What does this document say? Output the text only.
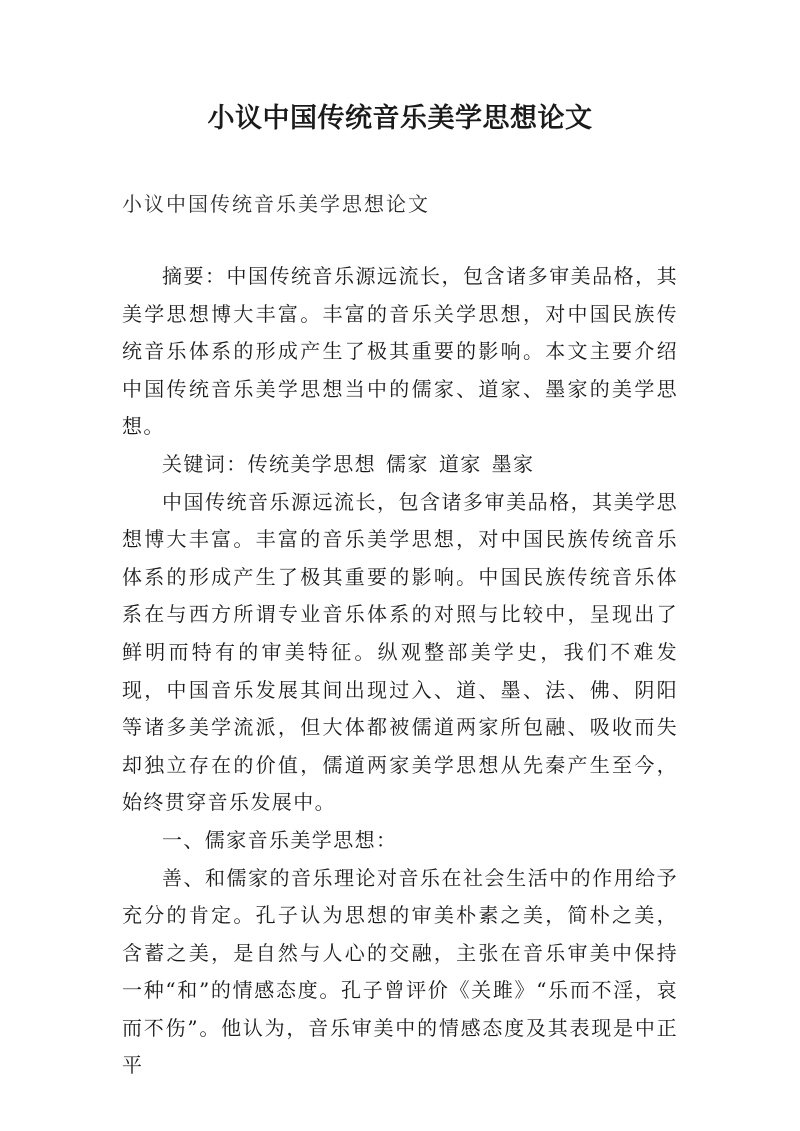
小议中国传统音乐美学思想论文
小议中国传统音乐美学思想论文

摘要：中国传统音乐源远流长，包含诸多审美品格，其美学思想博大丰富。丰富的音乐关学思想，对中国民族传统音乐体系的形成产生了极其重要的影响。本文主要介绍中国传统音乐美学思想当中的儒家、道家、墨家的美学思想。

关键词：传统美学思想 儒家 道家 墨家

中国传统音乐源远流长，包含诸多审美品格，其美学思想博大丰富。丰富的音乐美学思想，对中国民族传统音乐体系的形成产生了极其重要的影响。中国民族传统音乐体系在与西方所谓专业音乐体系的对照与比较中，呈现出了鲜明而特有的审美特征。纵观整部美学史，我们不难发现，中国音乐发展其间出现过入、道、墨、法、佛、阴阳等诸多美学流派，但大体都被儒道两家所包融、吸收而失却独立存在的价值，儒道两家美学思想从先秦产生至今，始终贯穿音乐发展中。

一、儒家音乐美学思想：

善、和儒家的音乐理论对音乐在社会生活中的作用给予充分的肯定。孔子认为思想的审美朴素之美，简朴之美，含蓄之美，是自然与人心的交融，主张在音乐审美中保持一种“和”的情感态度。孔子曾评价《关雎》“乐而不淫，哀而不伤”。他认为，音乐审美中的情感态度及其表现是中正平
